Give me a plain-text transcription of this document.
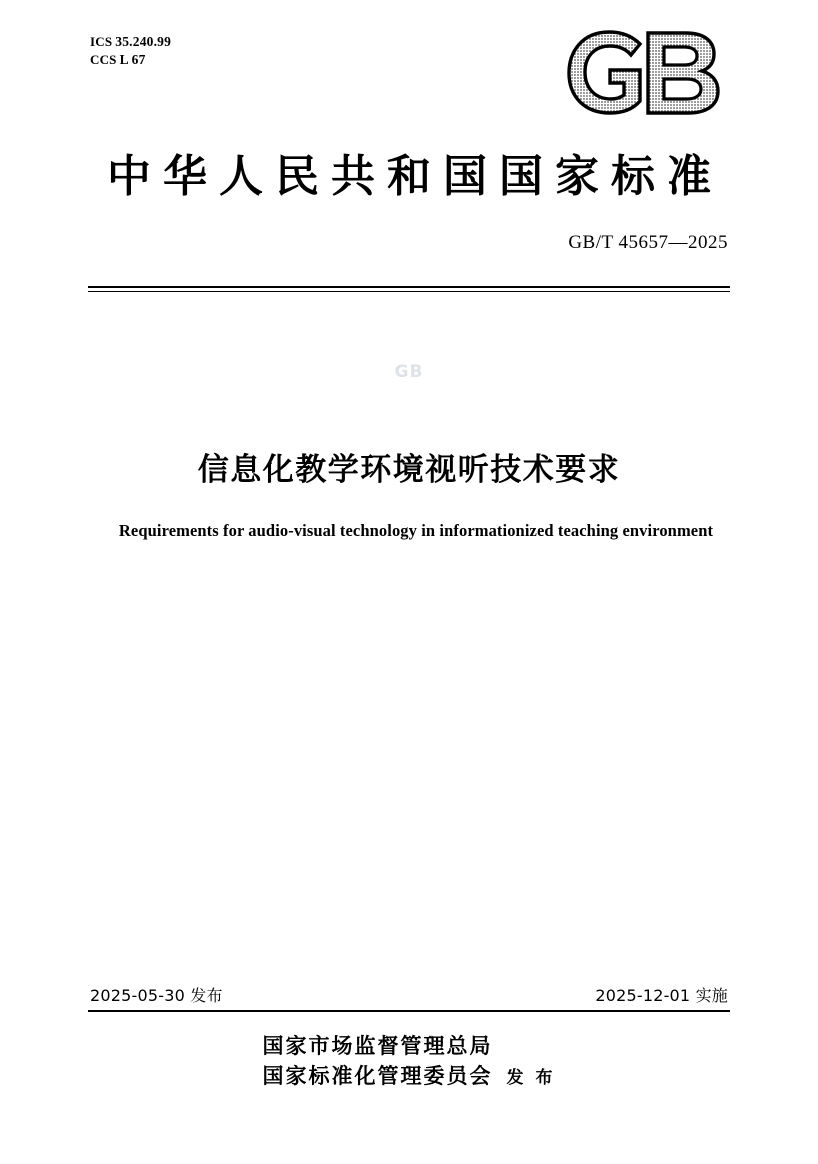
ICS 35.240.99
CCS L 67
中华人民共和国国家标准
GB/T 45657—2025
GB
信息化教学环境视听技术要求
Requirements for audio-visual technology in informationized teaching environment
2025-05-30 发布	2025-12-01 实施
国家市场监督管理总局
国家标准化管理委员会 发 布
